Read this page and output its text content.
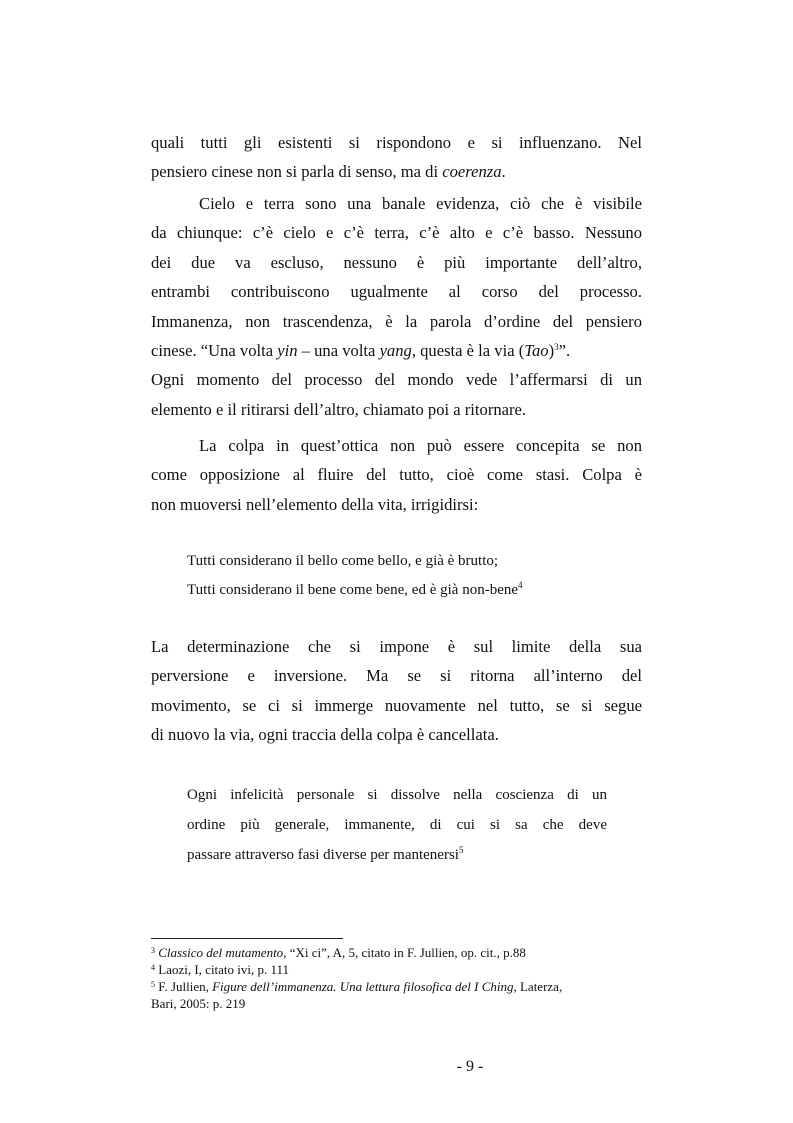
quali tutti gli esistenti si rispondono e si influenzano. Nel
pensiero cinese non si parla di senso, ma di coerenza.
Cielo e terra sono una banale evidenza, ciò che è visibile
da chiunque: c’è cielo e c’è terra, c’è alto e c’è basso. Nessuno
dei due va escluso, nessuno è più importante dell’altro,
entrambi contribuiscono ugualmente al corso del processo.
Immanenza, non trascendenza, è la parola d’ordine del pensiero
cinese. “Una volta yin – una volta yang, questa è la via (Tao)$^3$”.
Ogni momento del processo del mondo vede l’affermarsi di un
elemento e il ritirarsi dell’altro, chiamato poi a ritornare.
La colpa in quest’ottica non può essere concepita se non
come opposizione al fluire del tutto, cioè come stasi. Colpa è
non muoversi nell’elemento della vita, irrigidirsi:
Tutti considerano il bello come bello, e già è brutto;
Tutti considerano il bene come bene, ed è già non-bene$^4$
La determinazione che si impone è sul limite della sua
perversione e inversione. Ma se si ritorna all’interno del
movimento, se ci si immerge nuovamente nel tutto, se si segue
di nuovo la via, ogni traccia della colpa è cancellata.
Ogni infelicità personale si dissolve nella coscienza di un
ordine più generale, immanente, di cui si sa che deve
passare attraverso fasi diverse per mantenersi$^5$
$^3$ Classico del mutamento, “Xi ci”, A, 5, citato in F. Jullien, op. cit., p.88
$^4$ Laozi, I, citato ivi, p. 111
$^5$ F. Jullien, Figure dell’immanenza. Una lettura filosofica del I Ching, Laterza,
Bari, 2005: p. 219
- 9 -
